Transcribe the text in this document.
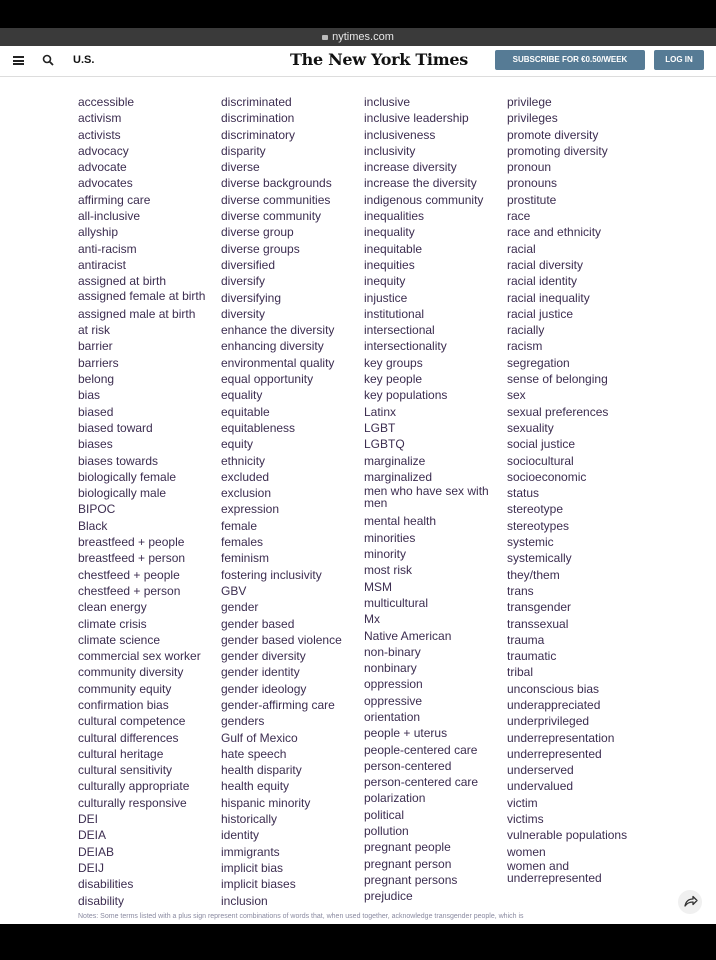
nytimes.com
U.S.	The New York Times	SUBSCRIBE FOR €0.50/WEEK	LOG IN
accessible
activism
activists
advocacy
advocate
advocates
affirming care
all-inclusive
allyship
anti-racism
antiracist
assigned at birth
assigned female at birth
assigned male at birth
at risk
barrier
barriers
belong
bias
biased
biased toward
biases
biases towards
biologically female
biologically male
BIPOC
Black
breastfeed + people
breastfeed + person
chestfeed + people
chestfeed + person
clean energy
climate crisis
climate science
commercial sex worker
community diversity
community equity
confirmation bias
cultural competence
cultural differences
cultural heritage
cultural sensitivity
culturally appropriate
culturally responsive
DEI
DEIA
DEIAB
DEIJ
disabilities
disability
discriminated
discrimination
discriminatory
disparity
diverse
diverse backgrounds
diverse communities
diverse community
diverse group
diverse groups
diversified
diversify
diversifying
diversity
enhance the diversity
enhancing diversity
environmental quality
equal opportunity
equality
equitable
equitableness
equity
ethnicity
excluded
exclusion
expression
female
females
feminism
fostering inclusivity
GBV
gender
gender based
gender based violence
gender diversity
gender identity
gender ideology
gender-affirming care
genders
Gulf of Mexico
hate speech
health disparity
health equity
hispanic minority
historically
identity
immigrants
implicit bias
implicit biases
inclusion
inclusive
inclusive leadership
inclusiveness
inclusivity
increase diversity
increase the diversity
indigenous community
inequalities
inequality
inequitable
inequities
inequity
injustice
institutional
intersectional
intersectionality
key groups
key people
key populations
Latinx
LGBT
LGBTQ
marginalize
marginalized
men who have sex with men
mental health
minorities
minority
most risk
MSM
multicultural
Mx
Native American
non-binary
nonbinary
oppression
oppressive
orientation
people + uterus
people-centered care
person-centered
person-centered care
polarization
political
pollution
pregnant people
pregnant person
pregnant persons
prejudice
privilege
privileges
promote diversity
promoting diversity
pronoun
pronouns
prostitute
race
race and ethnicity
racial
racial diversity
racial identity
racial inequality
racial justice
racially
racism
segregation
sense of belonging
sex
sexual preferences
sexuality
social justice
sociocultural
socioeconomic
status
stereotype
stereotypes
systemic
systemically
they/them
trans
transgender
transsexual
trauma
traumatic
tribal
unconscious bias
underappreciated
underprivileged
underrepresentation
underrepresented
underserved
undervalued
victim
victims
vulnerable populations
women
women and underrepresented
Notes: Some terms listed with a plus sign represent combinations of words that, when used together, acknowledge transgender people, which is
